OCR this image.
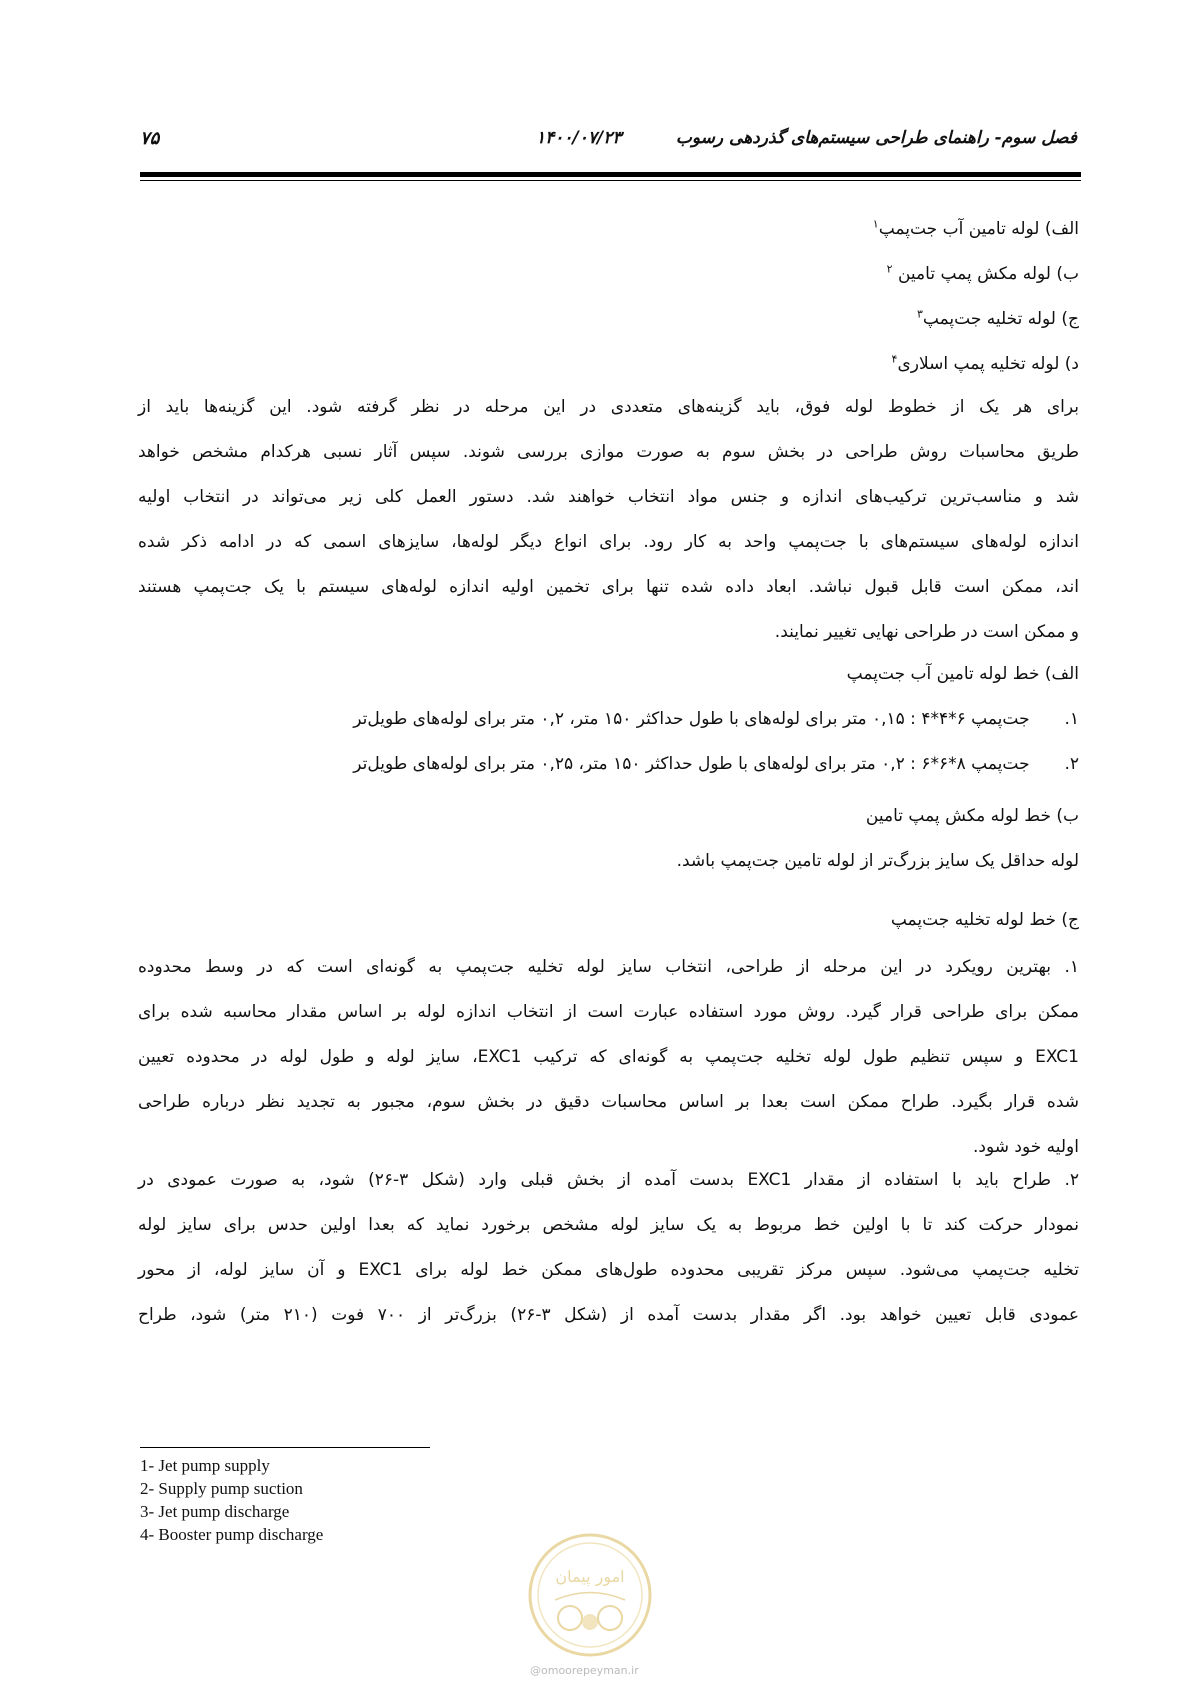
فصل سوم- راهنمای طراحی سیستم‌های گذردهی رسوب
۱۴۰۰/۰۷/۲۳
۷۵
الف) لوله تامین آب جت‌پمپ$^۱$
ب) لوله مکش پمپ تامین $^۲$
ج) لوله تخلیه جت‌پمپ$^۳$
د) لوله تخلیه پمپ اسلاری$^۴$
برای هر یک از خطوط لوله فوق، باید گزینه‌های متعددی در این مرحله در نظر گرفته شود. این گزینه‌ها باید از
طریق محاسبات روش طراحی در بخش سوم به صورت موازی بررسی شوند. سپس آثار نسبی هرکدام مشخص خواهد
شد و مناسب‌ترین ترکیب‌های اندازه و جنس مواد انتخاب خواهند شد. دستور العمل کلی زیر می‌تواند در انتخاب اولیه
اندازه لوله‌های سیستم‌های با جت‌پمپ واحد به کار رود. برای انواع دیگر لوله‌ها، سایزهای اسمی که در ادامه ذکر شده
اند، ممکن است قابل قبول نباشد. ابعاد داده شده تنها برای تخمین اولیه اندازه لوله‌های سیستم با یک جت‌پمپ هستند
و ممکن است در طراحی نهایی تغییر نمایند.
الف) خط لوله تامین آب جت‌پمپ
۱. جت‌پمپ ۶*۴*۴ : ۰,۱۵ متر برای لوله‌های با طول حداکثر ۱۵۰ متر، ۰,۲ متر برای لوله‌های طویل‌تر
۲. جت‌پمپ ۸*۶*۶ : ۰,۲ متر برای لوله‌های با طول حداکثر ۱۵۰ متر، ۰,۲۵ متر برای لوله‌های طویل‌تر
ب) خط لوله مکش پمپ تامین
لوله حداقل یک سایز بزرگ‌تر از لوله تامین جت‌پمپ باشد.
ج) خط لوله تخلیه جت‌پمپ
۱. بهترین رویکرد در این مرحله از طراحی، انتخاب سایز لوله تخلیه جت‌پمپ به گونه‌ای است که در وسط محدوده
ممکن برای طراحی قرار گیرد. روش مورد استفاده عبارت است از انتخاب اندازه لوله بر اساس مقدار محاسبه شده برای
EXC1 و سپس تنظیم طول لوله تخلیه جت‌پمپ به گونه‌ای که ترکیب EXC1، سایز لوله و طول لوله در محدوده تعیین
شده قرار بگیرد. طراح ممکن است بعدا بر اساس محاسبات دقیق در بخش سوم، مجبور به تجدید نظر درباره طراحی
اولیه خود شود.
۲. طراح باید با استفاده از مقدار EXC1 بدست آمده از بخش قبلی وارد (شکل ۳-۲۶) شود، به صورت عمودی در
نمودار حرکت کند تا با اولین خط مربوط به یک سایز لوله مشخص برخورد نماید که بعدا اولین حدس برای سایز لوله
تخلیه جت‌پمپ می‌شود. سپس مرکز تقریبی محدوده طول‌های ممکن خط لوله برای EXC1 و آن سایز لوله، از محور
عمودی قابل تعیین خواهد بود. اگر مقدار بدست آمده از (شکل ۳-۲۶) بزرگ‌تر از ۷۰۰ فوت (۲۱۰ متر) شود، طراح
1- Jet pump supply
2- Supply pump suction
3- Jet pump discharge
4- Booster pump discharge
امور پیمان
@omoorepeyman.ir
